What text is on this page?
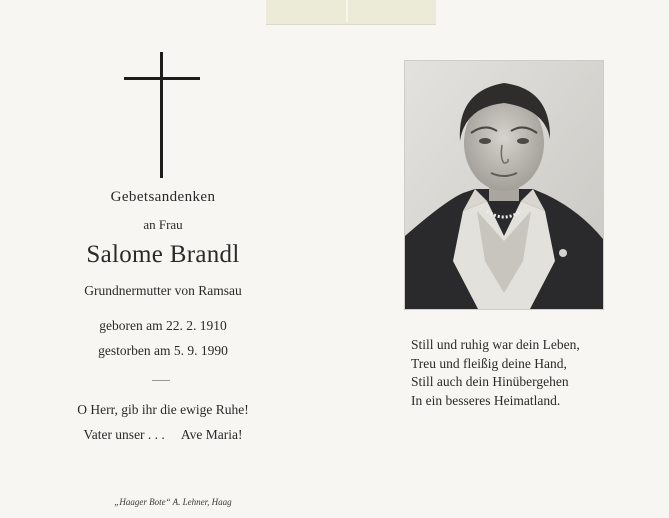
Gebetsandenken
an Frau
Salome Brandl
Grundnermutter von Ramsau
geboren am 22. 2. 1910
gestorben am 5. 9. 1990
O Herr, gib ihr die ewige Ruhe!
Vater unser . . .     Ave Maria!
„Haager Bote“ A. Lehner, Haag
Still und ruhig war dein Leben,
Treu und fleißig deine Hand,
Still auch dein Hinübergehen
In ein besseres Heimatland.
